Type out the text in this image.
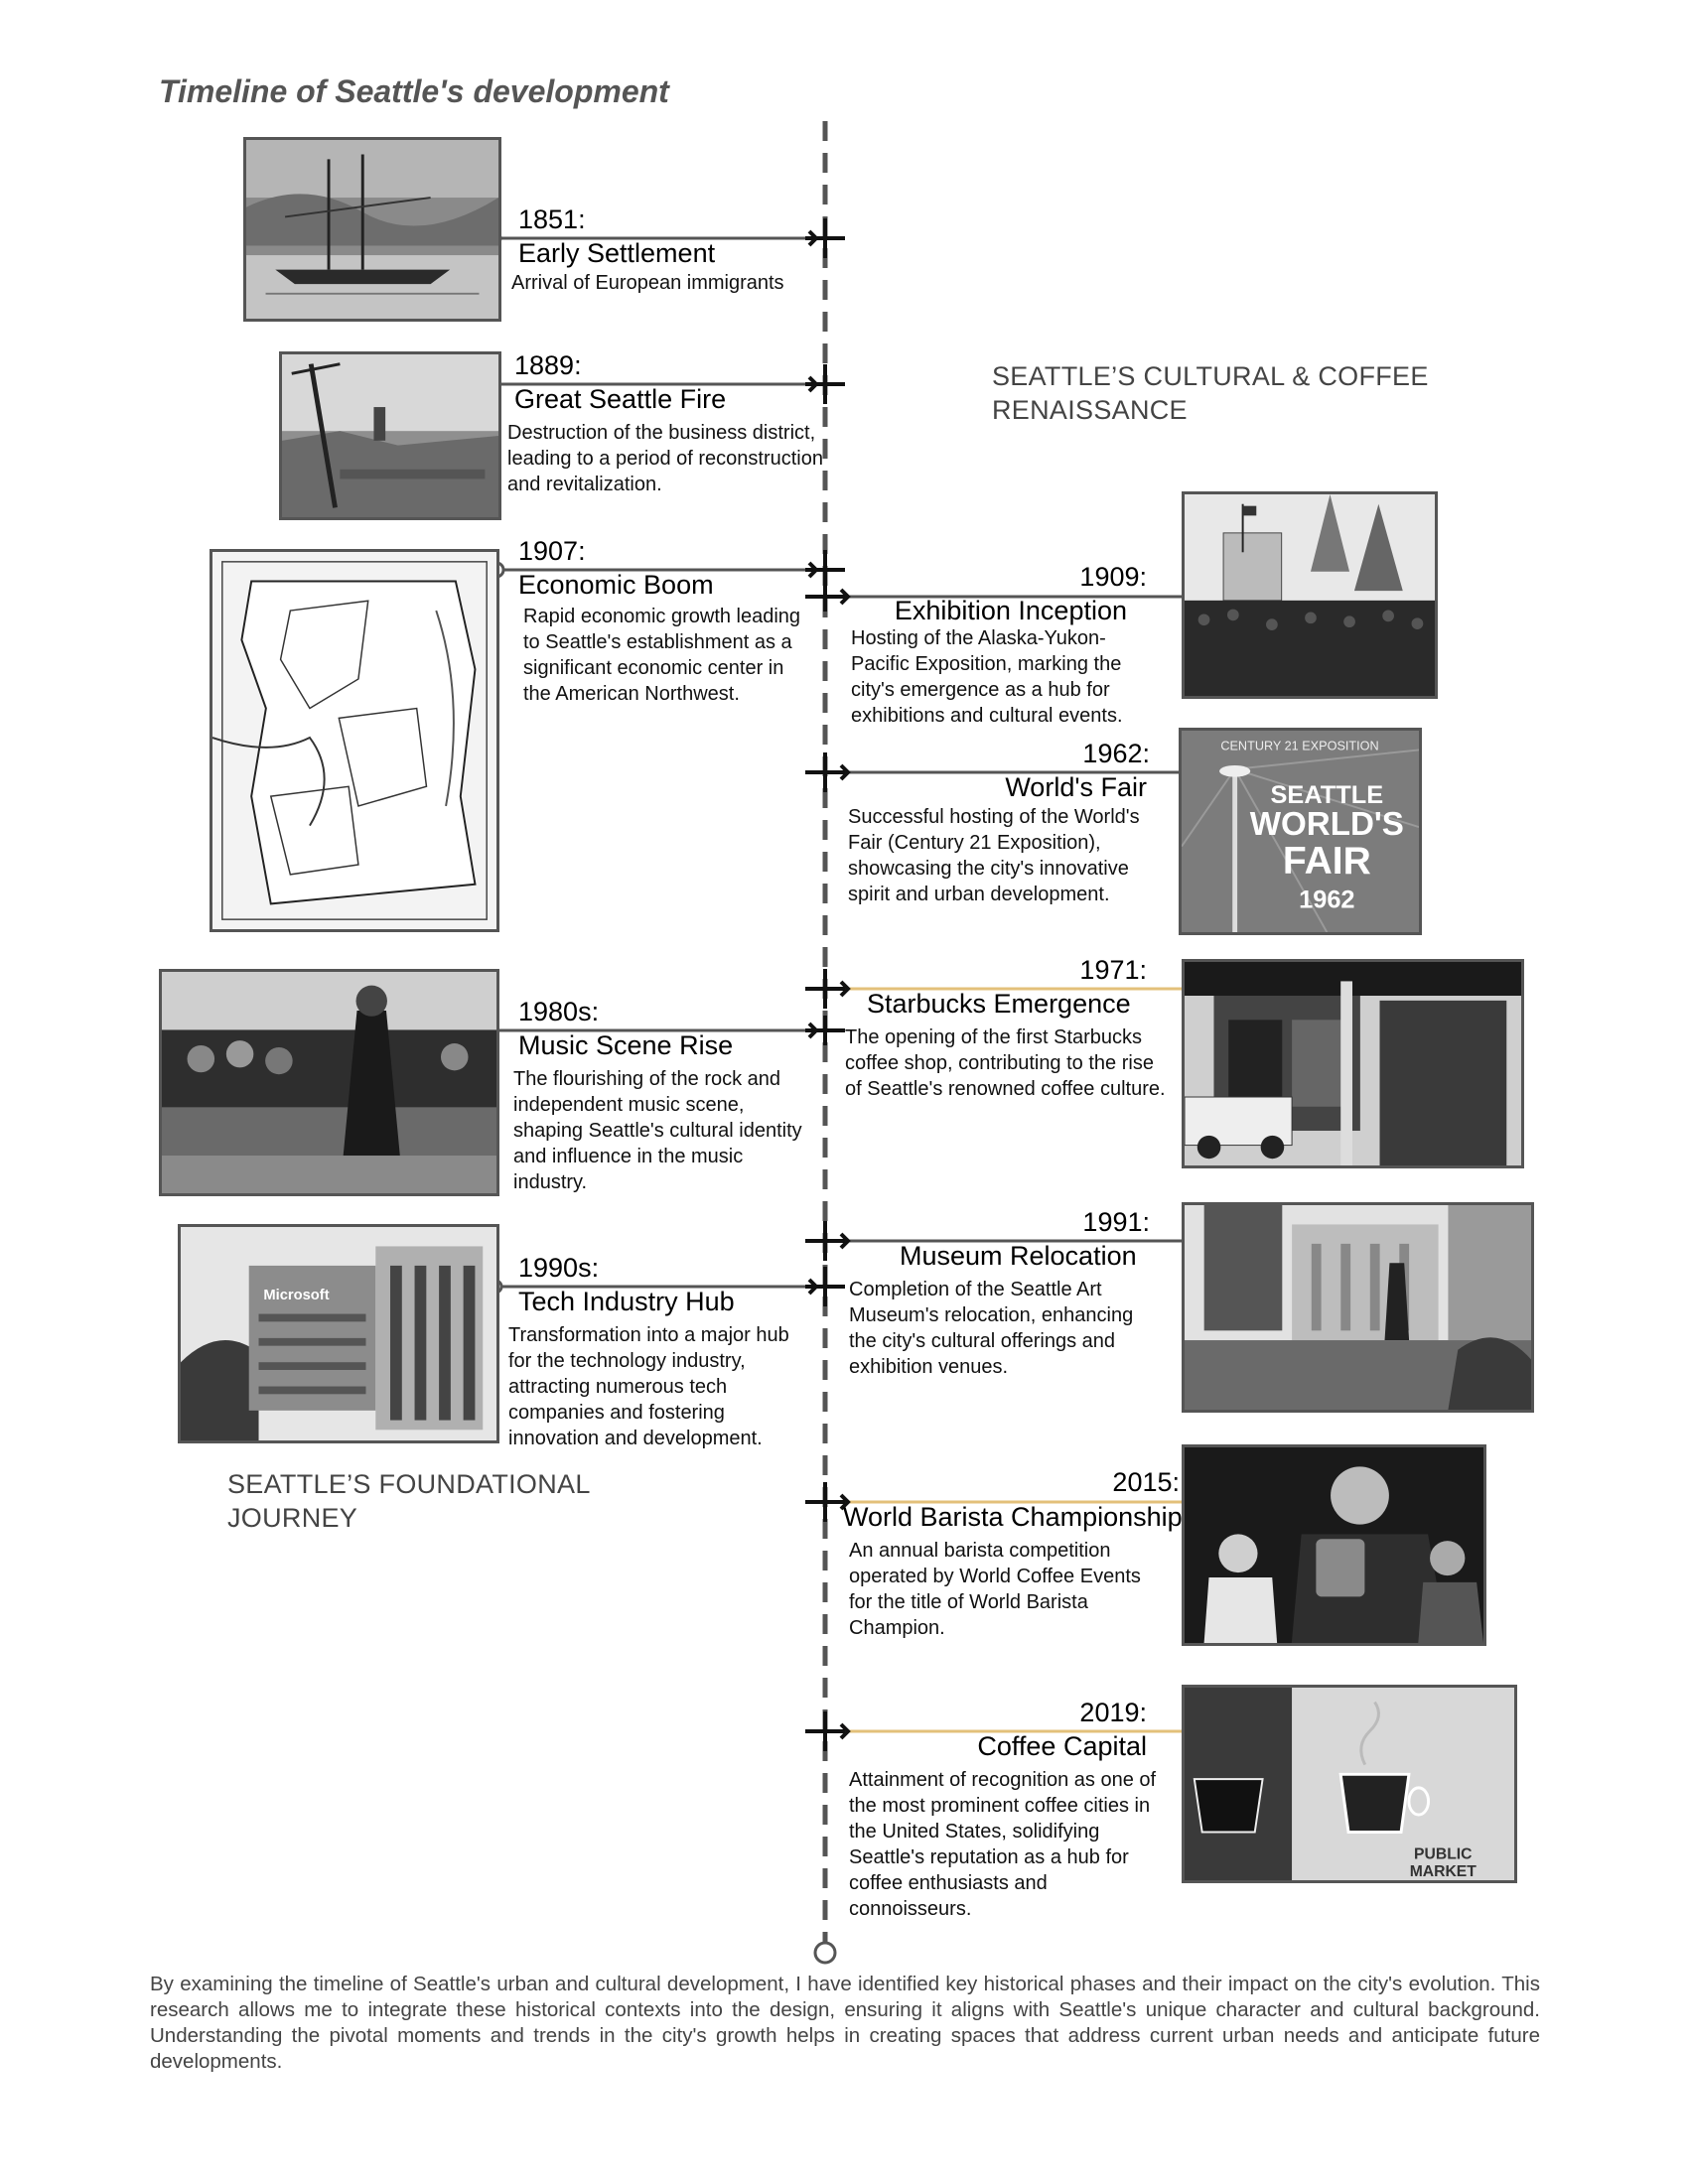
Timeline of Seattle's development
SEATTLE’S CULTURAL & COFFEE RENAISSANCE
SEATTLE’S FOUNDATIONAL JOURNEY
1851:
Early Settlement
Arrival of European immigrants
1889:
Great Seattle Fire
Destruction of the business district, leading to a period of reconstruction and revitalization.
1907:
Economic Boom
Rapid economic growth leading to Seattle's establishment as a significant economic center in the American Northwest.
1980s:
Music Scene Rise
The flourishing of the rock and independent music scene, shaping Seattle's cultural identity and influence in the music industry.
Microsoft
1990s:
Tech Industry Hub
Transformation into a major hub for the technology industry, attracting numerous tech companies and fostering innovation and development.
1909:
Exhibition Inception
Hosting of the Alaska-Yukon-Pacific Exposition, marking the city's emergence as a hub for exhibitions and cultural events.
CENTURY 21 EXPOSITION
SEATTLE
WORLD'S
FAIR
1962
1962:
World's Fair
Successful hosting of the World's Fair (Century 21 Exposition), showcasing the city's innovative spirit and urban development.
1971:
Starbucks Emergence
The opening of the first Starbucks coffee shop, contributing to the rise of Seattle's renowned coffee culture.
1991:
Museum Relocation
Completion of the Seattle Art Museum's relocation, enhancing the city's cultural offerings and exhibition venues.
2015:
World Barista Championship
An annual barista competition operated by World Coffee Events for the title of World Barista Champion.
PUBLIC
MARKET
2019:
Coffee Capital
Attainment of recognition as one of the most prominent coffee cities in the United States, solidifying Seattle's reputation as a hub for coffee enthusiasts and connoisseurs.
By examining the timeline of Seattle's urban and cultural development, I have identified key historical phases and their impact on the city's evolution. This research allows me to integrate these historical contexts into the design, ensuring it aligns with Seattle's unique character and cultural background. Understanding the pivotal moments and trends in the city's growth helps in creating spaces that address current urban needs and anticipate future developments.
